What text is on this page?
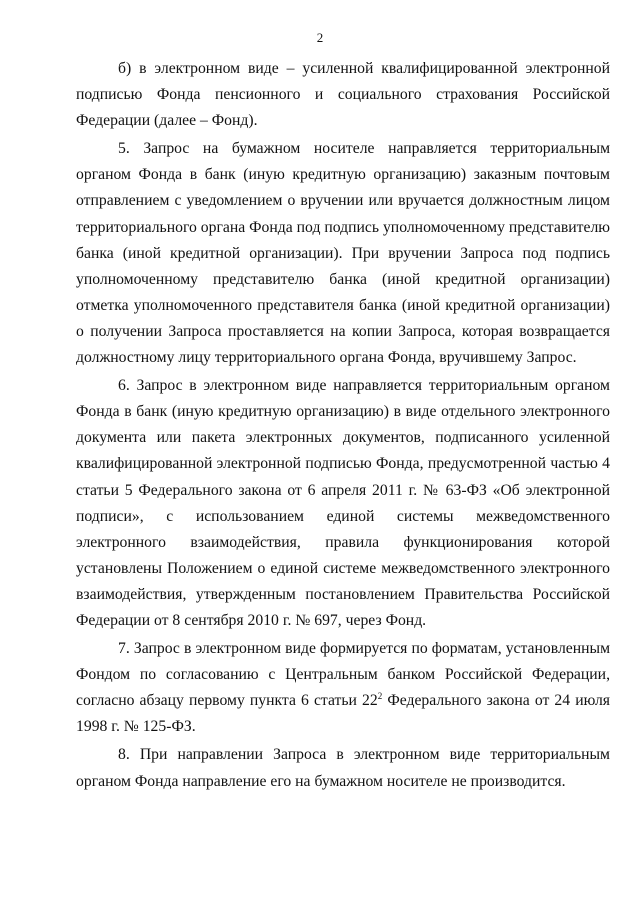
2

б) в электронном виде – усиленной квалифицированной электронной подписью Фонда пенсионного и социального страхования Российской Федерации (далее – Фонд).

5. Запрос на бумажном носителе направляется территориальным органом Фонда в банк (иную кредитную организацию) заказным почтовым отправлением с уведомлением о вручении или вручается должностным лицом территориального органа Фонда под подпись уполномоченному представителю банка (иной кредитной организации). При вручении Запроса под подпись уполномоченному представителю банка (иной кредитной организации) отметка уполномоченного представителя банка (иной кредитной организации) о получении Запроса проставляется на копии Запроса, которая возвращается должностному лицу территориального органа Фонда, вручившему Запрос.

6. Запрос в электронном виде направляется территориальным органом Фонда в банк (иную кредитную организацию) в виде отдельного электронного документа или пакета электронных документов, подписанного усиленной квалифицированной электронной подписью Фонда, предусмотренной частью 4 статьи 5 Федерального закона от 6 апреля 2011 г. № 63-ФЗ «Об электронной подписи», с использованием единой системы межведомственного электронного взаимодействия, правила функционирования которой установлены Положением о единой системе межведомственного электронного взаимодействия, утвержденным постановлением Правительства Российской Федерации от 8 сентября 2010 г. № 697, через Фонд.

7. Запрос в электронном виде формируется по форматам, установленным Фондом по согласованию с Центральным банком Российской Федерации, согласно абзацу первому пункта 6 статьи $22^2$ Федерального закона от 24 июля 1998 г. № 125-ФЗ.

8. При направлении Запроса в электронном виде территориальным органом Фонда направление его на бумажном носителе не производится.
